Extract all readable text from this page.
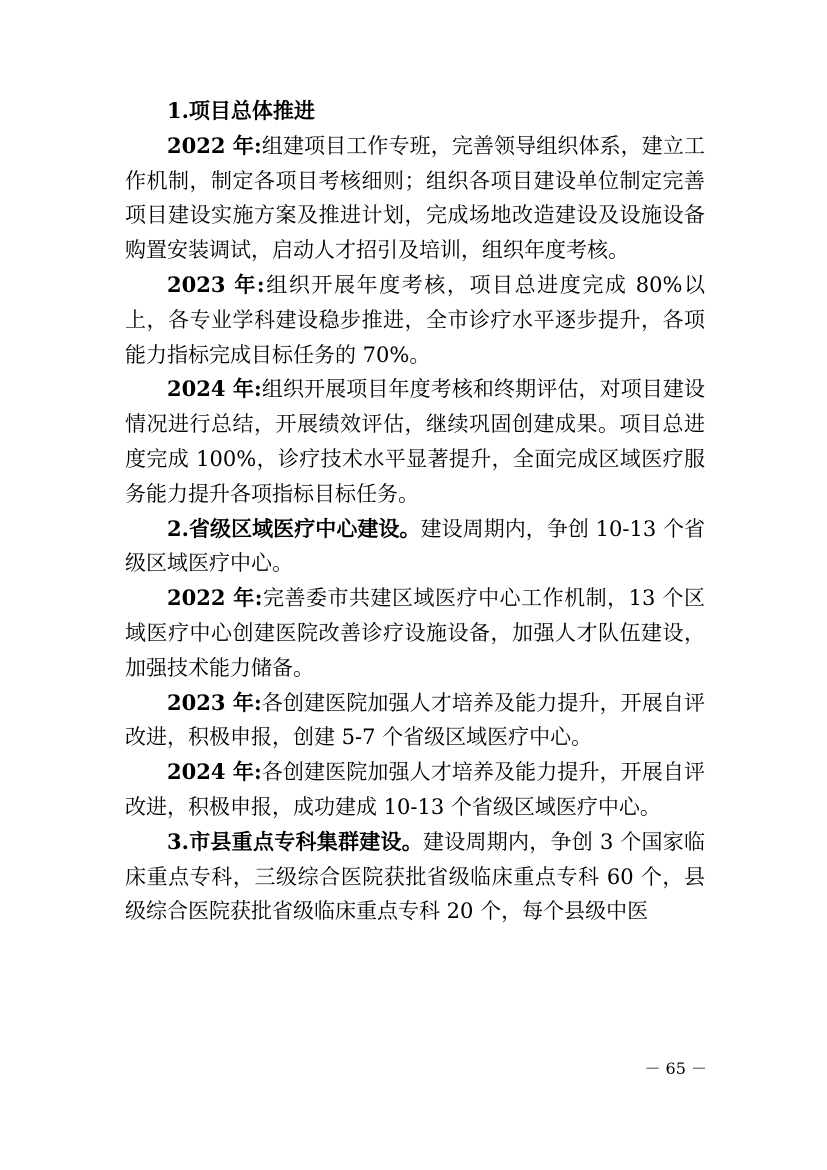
1.项目总体推进

2022 年:组建项目工作专班，完善领导组织体系，建立工作机制，制定各项目考核细则；组织各项目建设单位制定完善项目建设实施方案及推进计划，完成场地改造建设及设施设备购置安装调试，启动人才招引及培训，组织年度考核。

2023 年:组织开展年度考核，项目总进度完成 80%以上，各专业学科建设稳步推进，全市诊疗水平逐步提升，各项能力指标完成目标任务的 70%。

2024 年:组织开展项目年度考核和终期评估，对项目建设情况进行总结，开展绩效评估，继续巩固创建成果。项目总进度完成 100%，诊疗技术水平显著提升，全面完成区域医疗服务能力提升各项指标目标任务。

2.省级区域医疗中心建设。建设周期内，争创 10-13 个省级区域医疗中心。

2022 年:完善委市共建区域医疗中心工作机制，13 个区域医疗中心创建医院改善诊疗设施设备，加强人才队伍建设，加强技术能力储备。

2023 年:各创建医院加强人才培养及能力提升，开展自评改进，积极申报，创建 5-7 个省级区域医疗中心。

2024 年:各创建医院加强人才培养及能力提升，开展自评改进，积极申报，成功建成 10-13 个省级区域医疗中心。

3.市县重点专科集群建设。建设周期内，争创 3 个国家临床重点专科，三级综合医院获批省级临床重点专科 60 个，县级综合医院获批省级临床重点专科 20 个，每个县级中医

－ 65 －
